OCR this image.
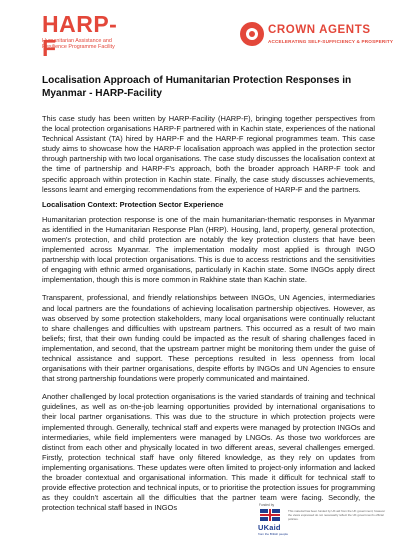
HARP-F
Humanitarian Assistance and Resilience Programme Facility
CROWN AGENTS
ACCELERATING SELF-SUFFICIENCY & PROSPERITY
Localisation Approach of Humanitarian Protection Responses in Myanmar - HARP-Facility

This case study has been written by HARP-Facility (HARP-F), bringing together perspectives from the local protection organisations HARP-F partnered with in Kachin state, experiences of the national Technical Assistant (TA) hired by HARP-F and the HARP-F regional programmes team. This case study aims to showcase how the HARP-F localisation approach was applied in the protection sector through partnership with two local organisations. The case study discusses the localisation context at the time of partnership and HARP-F's approach, both the broader approach HARP-F took and specific approach within protection in Kachin state. Finally, the case study discusses achievements, lessons learnt and emerging recommendations from the experience of HARP-F and the partners.

Localisation Context: Protection Sector Experience

Humanitarian protection response is one of the main humanitarian-thematic responses in Myanmar as identified in the Humanitarian Response Plan (HRP). Housing, land, property, general protection, women's protection, and child protection are notably the key protection clusters that have been implemented across Myanmar. The implementation modality most applied is through INGO partnership with local protection organisations. This is due to access restrictions and the sensitivities of engaging with ethnic armed organisations, particularly in Kachin state. Some INGOs apply direct implementation, though this is more common in Rakhine state than Kachin state.

Transparent, professional, and friendly relationships between INGOs, UN Agencies, intermediaries and local partners are the foundations of achieving localisation partnership objectives. However, as was observed by some protection stakeholders, many local organisations were continually reluctant to share challenges and difficulties with upstream partners. This occurred as a result of two main beliefs; first, that their own funding could be impacted as the result of sharing challenges faced in implementation, and second, that the upstream partner might be monitoring them under the guise of technical assistance and support. These perceptions resulted in less openness from local organisations with their partner organisations, despite efforts by INGOs and UN Agencies to ensure that strong partnership foundations were properly communicated and maintained.

Another challenged by local protection organisations is the varied standards of training and technical guidelines, as well as on-the-job learning opportunities provided by international organisations to their local partner organisations. This was due to the structure in which protection projects were implemented through. Generally, technical staff and experts were managed by protection INGOs and intermediaries, while field implementers were managed by LNGOs. As those two workforces are distinct from each other and physically located in two different areas, several challenges emerged. Firstly, protection technical staff have only filtered knowledge, as they rely on updates from implementing organisations. These updates were often limited to project-only information and lacked the broader contextual and organisational information. This made it difficult for technical staff to provide effective protection and technical inputs, or to prioritise the protection issues for programming as they couldn't ascertain all the difficulties that the partner team were facing. Secondly, the protection technical staff based in INGOs	Funded by
UKaid
from the British people
This material has been funded by UK aid from the UK government; however the views expressed do not necessarily reflect the UK government's official policies.
